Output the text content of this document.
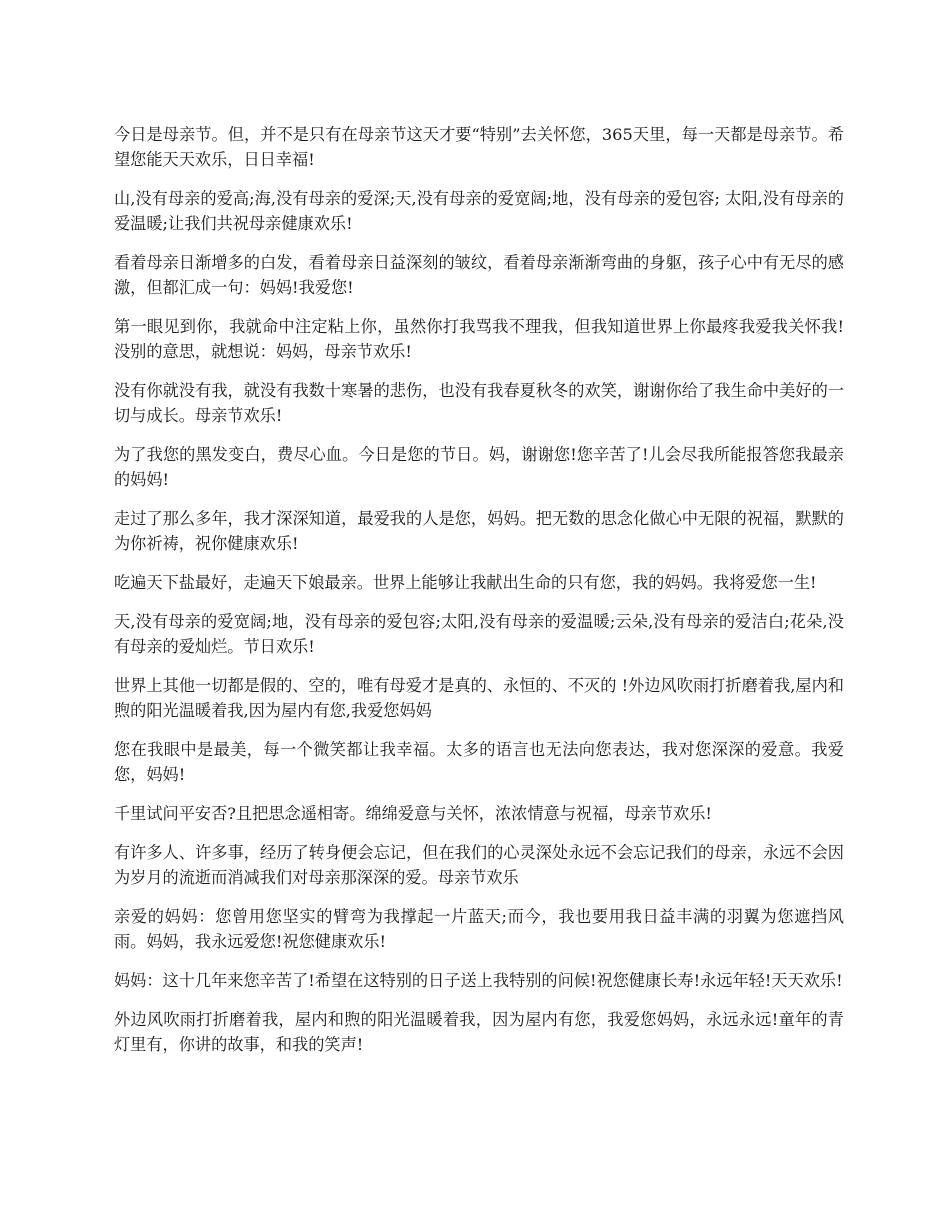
今日是母亲节。但，并不是只有在母亲节这天才要“特别”去关怀您，365天里，每一天都是母亲节。希望您能天天欢乐，日日幸福!

山,没有母亲的爱高;海,没有母亲的爱深;天,没有母亲的爱宽阔;地，没有母亲的爱包容; 太阳,没有母亲的爱温暖;让我们共祝母亲健康欢乐!

看着母亲日渐增多的白发，看着母亲日益深刻的皱纹，看着母亲渐渐弯曲的身躯，孩子心中有无尽的感激，但都汇成一句：妈妈!我爱您!

第一眼见到你，我就命中注定粘上你，虽然你打我骂我不理我，但我知道世界上你最疼我爱我关怀我!没别的意思，就想说：妈妈，母亲节欢乐!

没有你就没有我，就没有我数十寒暑的悲伤，也没有我春夏秋冬的欢笑，谢谢你给了我生命中美好的一切与成长。母亲节欢乐!

为了我您的黑发变白，费尽心血。今日是您的节日。妈，谢谢您!您辛苦了!儿会尽我所能报答您我最亲的妈妈!

走过了那么多年，我才深深知道，最爱我的人是您，妈妈。把无数的思念化做心中无限的祝福，默默的为你祈祷，祝你健康欢乐!

吃遍天下盐最好，走遍天下娘最亲。世界上能够让我献出生命的只有您，我的妈妈。我将爱您一生!

天,没有母亲的爱宽阔;地，没有母亲的爱包容;太阳,没有母亲的爱温暖;云朵,没有母亲的爱洁白;花朵,没有母亲的爱灿烂。节日欢乐!

世界上其他一切都是假的、空的，唯有母爱才是真的、永恒的、不灭的 !外边风吹雨打折磨着我,屋内和煦的阳光温暖着我,因为屋内有您,我爱您妈妈

您在我眼中是最美，每一个微笑都让我幸福。太多的语言也无法向您表达，我对您深深的爱意。我爱您，妈妈!

千里试问平安否?且把思念遥相寄。绵绵爱意与关怀，浓浓情意与祝福，母亲节欢乐!

有许多人、许多事，经历了转身便会忘记，但在我们的心灵深处永远不会忘记我们的母亲，永远不会因为岁月的流逝而消减我们对母亲那深深的爱。母亲节欢乐

亲爱的妈妈：您曾用您坚实的臂弯为我撑起一片蓝天;而今，我也要用我日益丰满的羽翼为您遮挡风雨。妈妈，我永远爱您!祝您健康欢乐!

妈妈：这十几年来您辛苦了!希望在这特别的日子送上我特别的问候!祝您健康长寿!永远年轻!天天欢乐!

外边风吹雨打折磨着我，屋内和煦的阳光温暖着我，因为屋内有您，我爱您妈妈，永远永远!童年的青灯里有，你讲的故事，和我的笑声!
